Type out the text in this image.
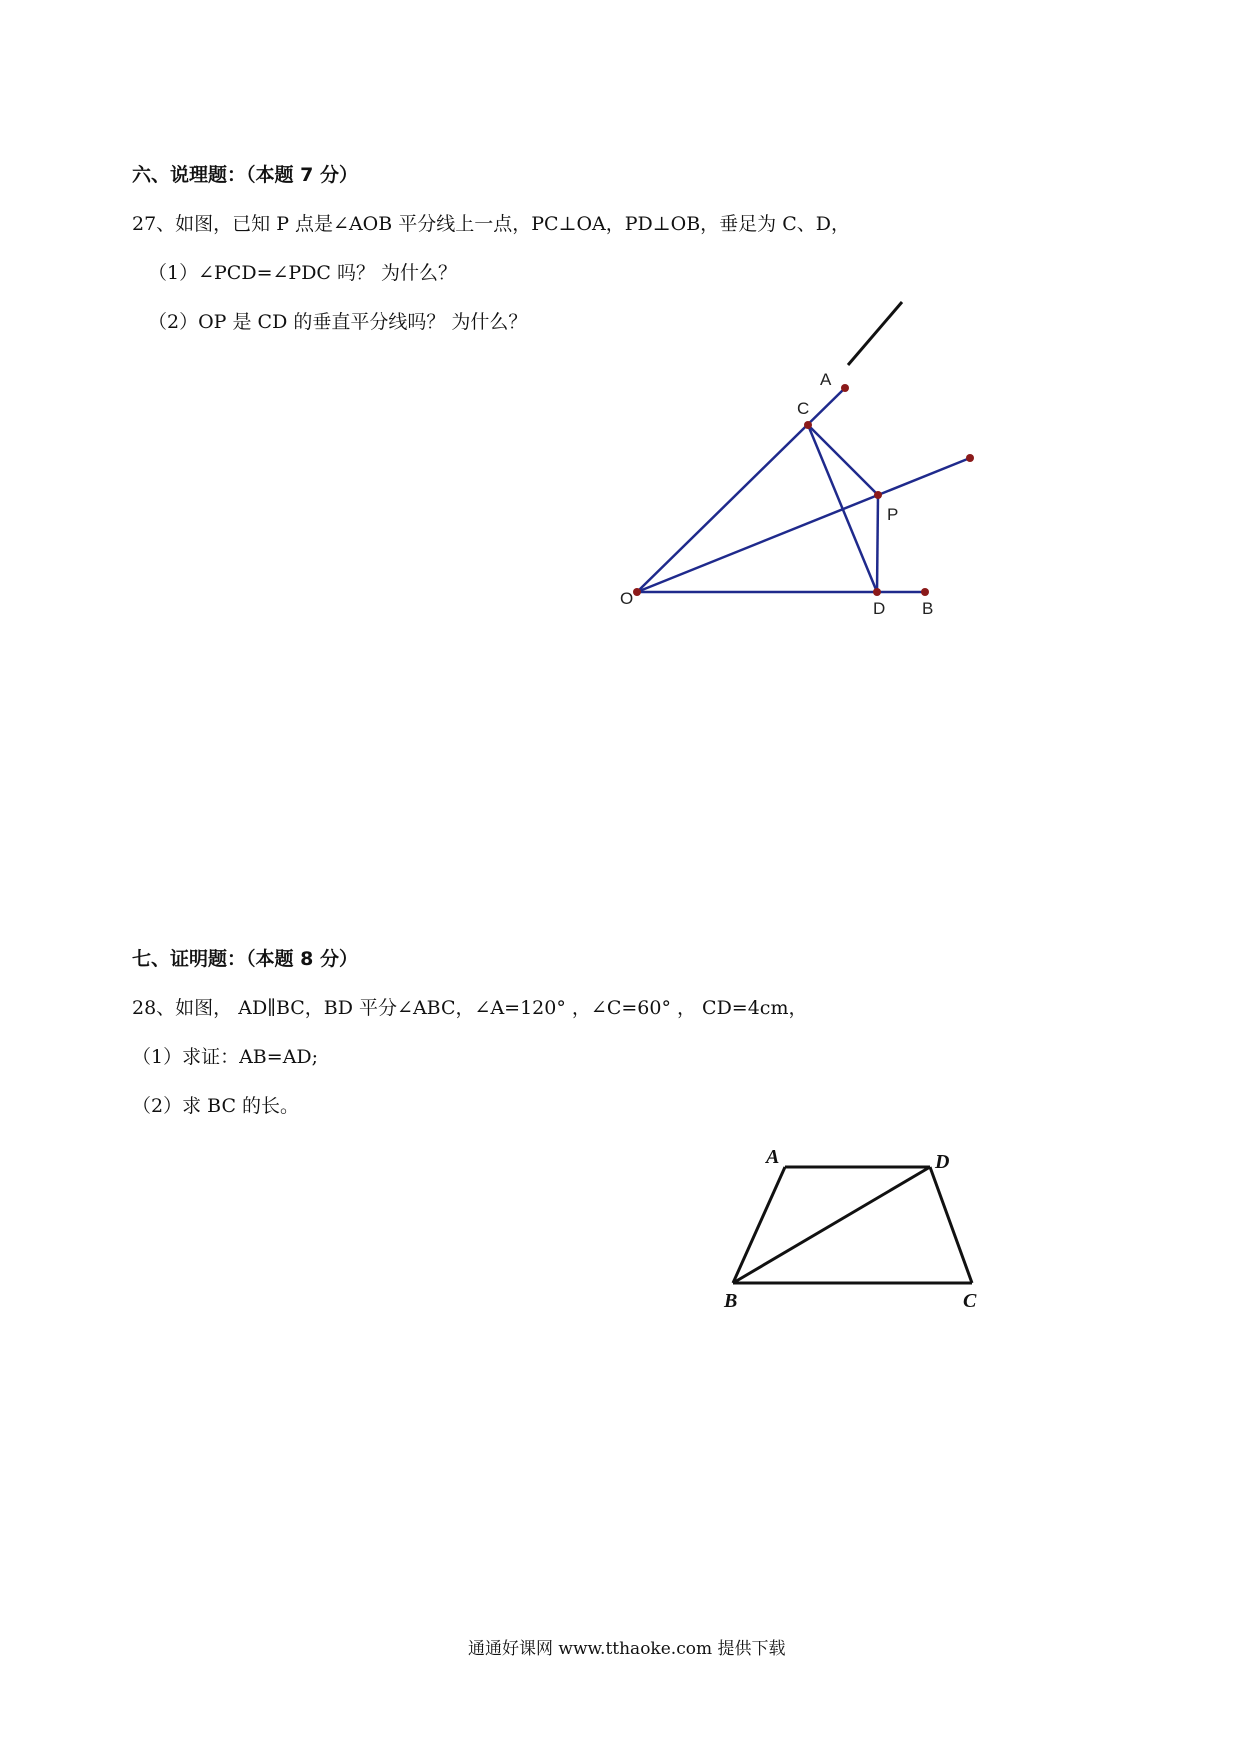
六、说理题：（本题 7 分）
27、如图，已知 P 点是∠AOB 平分线上一点，PC⊥OA，PD⊥OB，垂足为 C、D，
（1）∠PCD=∠PDC 吗？ 为什么？
（2）OP 是 CD 的垂直平分线吗？ 为什么？
A
C
P
O
D B
七、证明题：（本题 8 分）
28、如图， AD∥BC，BD 平分∠ABC，∠A=120° ，∠C=60° ， CD=4cm，
（1）求证：AB=AD;
（2）求 BC 的长。
A	D
B	C
通通好课网 www.tthaoke.com 提供下载
